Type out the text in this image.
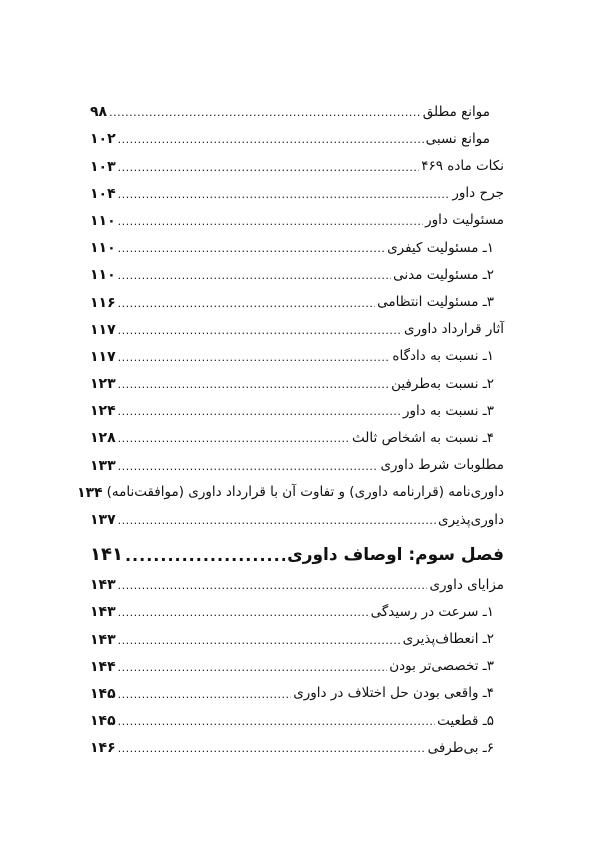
موانع مطلق
.....
۹۸
موانع نسبی
.....
۱۰۲
نکات ماده ۴۶۹
.....
۱۰۳
جرح داور
.....
۱۰۴
مسئولیت داور
.....
۱۱۰
۱ـ مسئولیت کیفری
.....
۱۱۰
۲ـ مسئولیت مدنی
.....
۱۱۰
۳ـ مسئولیت انتظامی
.....
۱۱۶
آثار قرارداد داوری
.....
۱۱۷
۱ـ نسبت به دادگاه
.....
۱۱۷
۲ـ نسبت به‌طرفین
.....
۱۲۳
۳ـ نسبت به داور
.....
۱۲۴
۴ـ نسبت به اشخاص ثالث
.....
۱۲۸
مطلوبات شرط داوری
.....
۱۳۳
داوری‌نامه (قرارنامه داوری) و تفاوت آن با قرارداد داوری (موافقت‌نامه)
۱۳۴
داوری‌پذیری
.....
۱۳۷
فصل سوم: اوصاف داوری
.....
۱۴۱
مزایای داوری
.....
۱۴۳
۱ـ سرعت در رسیدگی
.....
۱۴۳
۲ـ انعطاف‌پذیری
.....
۱۴۳
۳ـ تخصصی‌تر بودن
.....
۱۴۴
۴ـ واقعی بودن حل اختلاف در داوری
.....
۱۴۵
۵ـ قطعیت
.....
۱۴۵
۶ـ بی‌طرفی
.....
۱۴۶
